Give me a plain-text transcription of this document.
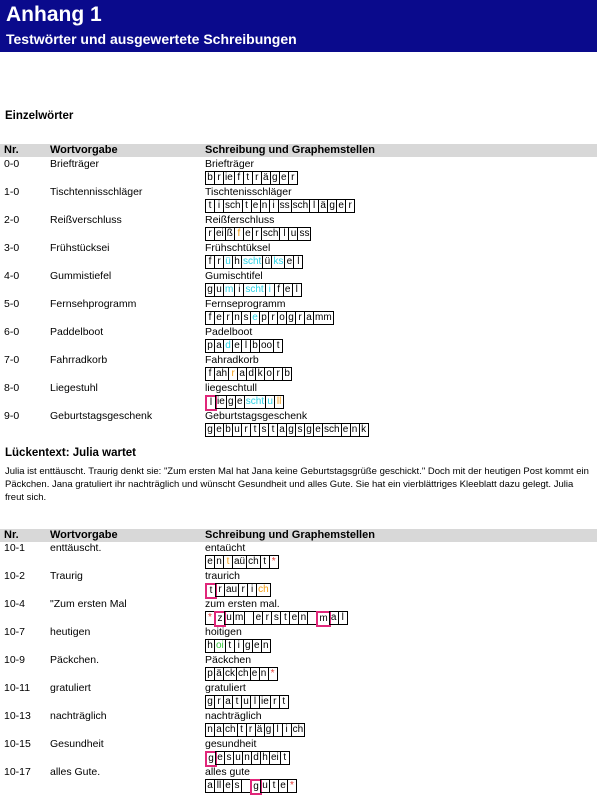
Anhang 1
Testwörter und ausgewertete Schreibungen
Einzelwörter
Nr.	Wortvorgabe	Schreibung und Graphemstellen
0-0	Briefträger	Briefträger
b r ie f t r ä g e r
1-0	Tischtennisschläger	Tischtenisschläger
t i sch t e n i ss sch l ä g e r
2-0	Reißverschluss	Reißferschluss
r ei ß f e r sch l u ss
3-0	Frühstücksei	Frühschtüksel
f r ü h scht ü ks e l
4-0	Gummistiefel	Gumischtifel
g u m i scht i f e l
5-0	Fernsehprogramm	Fernseprogramm
f e r n s e p r o g r a mm
6-0	Paddelboot	Padelboot
p a d e l b oo t
7-0	Fahrradkorb	Fahradkorb
f ah r a d k o r b
8-0	Liegestuhl	liegeschtull
l ie g e scht u ll
9-0	Geburtstagsgeschenk	Geburtstagsgeschenk
g e b u r t s t a g s g e sch e n k
Lückentext: Julia wartet
Julia ist enttäuscht. Traurig denkt sie: "Zum ersten Mal hat Jana keine Geburtstagsgrüße geschickt." Doch mit der heutigen Post kommt ein Päckchen. Jana gratuliert ihr nachträglich und wünscht Gesundheit und alles Gute. Sie hat ein vierblättriges Kleeblatt dazu gelegt. Julia freut sich.
Nr.	Wortvorgabe	Schreibung und Graphemstellen
10-1 enttäuscht.	entaücht
e n t aü ch t *
10-2 Traurig	traurich
t r au r i ch
10-4 "Zum ersten Mal	zum ersten mal.
* z u m e r s t e n	m a l
10-7 heutigen	hoitigen
h oi t i g e n
10-9 Päckchen.	Päckchen
p ä ck ch e n *
10-11 gratuliert	gratuliert
g r a t u l ie r t
10-13 nachträglich	nachträglich
n a ch t r ä g l i ch
10-15 Gesundheit	gesundheit
g e s u n d h ei t
10-17 alles Gute.	alles gute
a ll e s	g u t e *
